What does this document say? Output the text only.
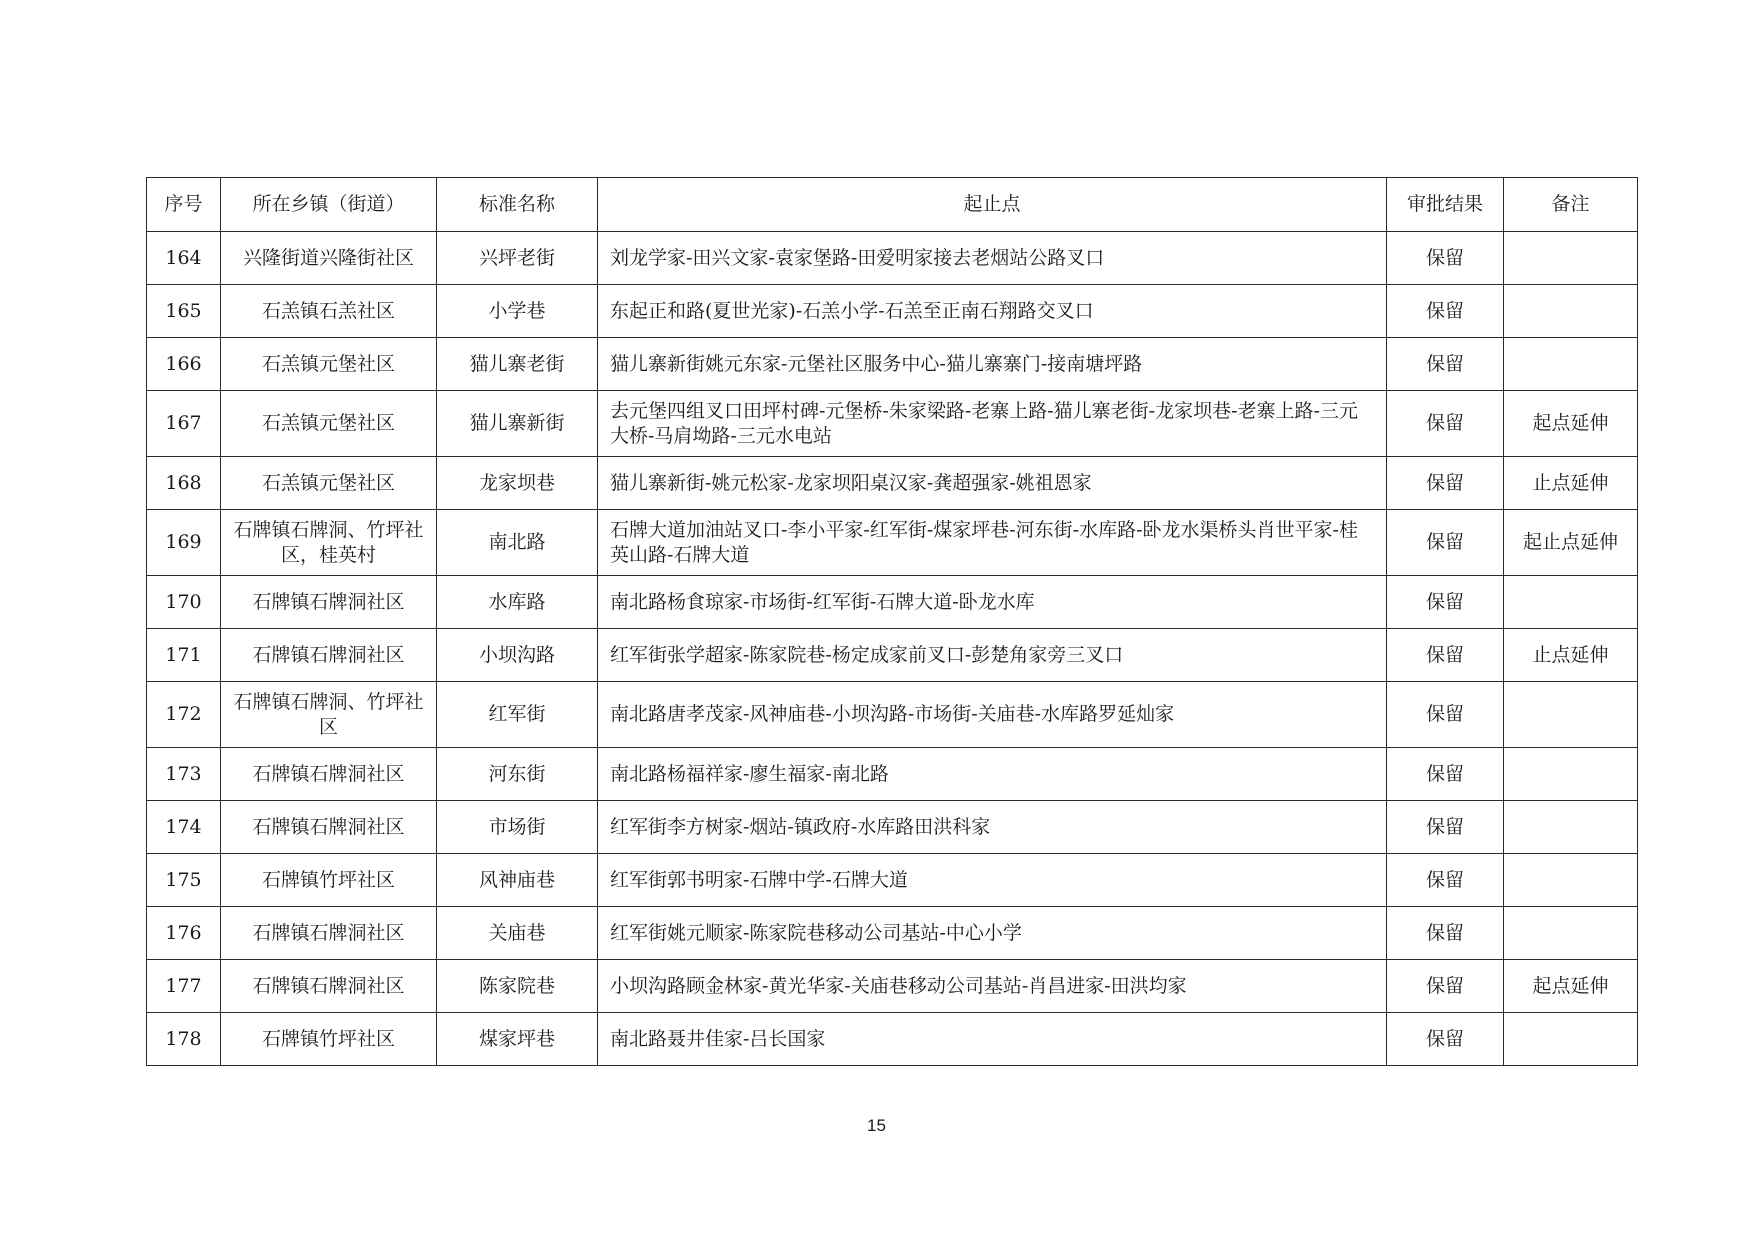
序号	所在乡镇（街道）	标准名称	起止点	审批结果	备注
164	兴隆街道兴隆街社区	兴坪老街	刘龙学家-田兴文家-袁家堡路-田爱明家接去老烟站公路叉口	保留	
165	石羔镇石羔社区	小学巷	东起正和路(夏世光家)-石羔小学-石羔至正南石翔路交叉口	保留	
166	石羔镇元堡社区	猫儿寨老街	猫儿寨新街姚元东家-元堡社区服务中心-猫儿寨寨门-接南塘坪路	保留	
167	石羔镇元堡社区	猫儿寨新街	去元堡四组叉口田坪村碑-元堡桥-朱家梁路-老寨上路-猫儿寨老街-龙家坝巷-老寨上路-三元大桥-马肩坳路-三元水电站	保留	起点延伸
168	石羔镇元堡社区	龙家坝巷	猫儿寨新街-姚元松家-龙家坝阳桌汉家-龚超强家-姚祖恩家	保留	止点延伸
169	石牌镇石牌洞、竹坪社区，桂英村	南北路	石牌大道加油站叉口-李小平家-红军街-煤家坪巷-河东街-水库路-卧龙水渠桥头肖世平家-桂英山路-石牌大道	保留	起止点延伸
170	石牌镇石牌洞社区	水库路	南北路杨食琼家-市场街-红军街-石牌大道-卧龙水库	保留	
171	石牌镇石牌洞社区	小坝沟路	红军街张学超家-陈家院巷-杨定成家前叉口-彭楚角家旁三叉口	保留	止点延伸
172	石牌镇石牌洞、竹坪社区	红军街	南北路唐孝茂家-风神庙巷-小坝沟路-市场街-关庙巷-水库路罗延灿家	保留	
173	石牌镇石牌洞社区	河东街	南北路杨福祥家-廖生福家-南北路	保留	
174	石牌镇石牌洞社区	市场街	红军街李方树家-烟站-镇政府-水库路田洪科家	保留	
175	石牌镇竹坪社区	风神庙巷	红军街郭书明家-石牌中学-石牌大道	保留	
176	石牌镇石牌洞社区	关庙巷	红军街姚元顺家-陈家院巷移动公司基站-中心小学	保留	
177	石牌镇石牌洞社区	陈家院巷	小坝沟路顾金林家-黄光华家-关庙巷移动公司基站-肖昌进家-田洪均家	保留	起点延伸
178	石牌镇竹坪社区	煤家坪巷	南北路聂井佳家-吕长国家	保留	
15
